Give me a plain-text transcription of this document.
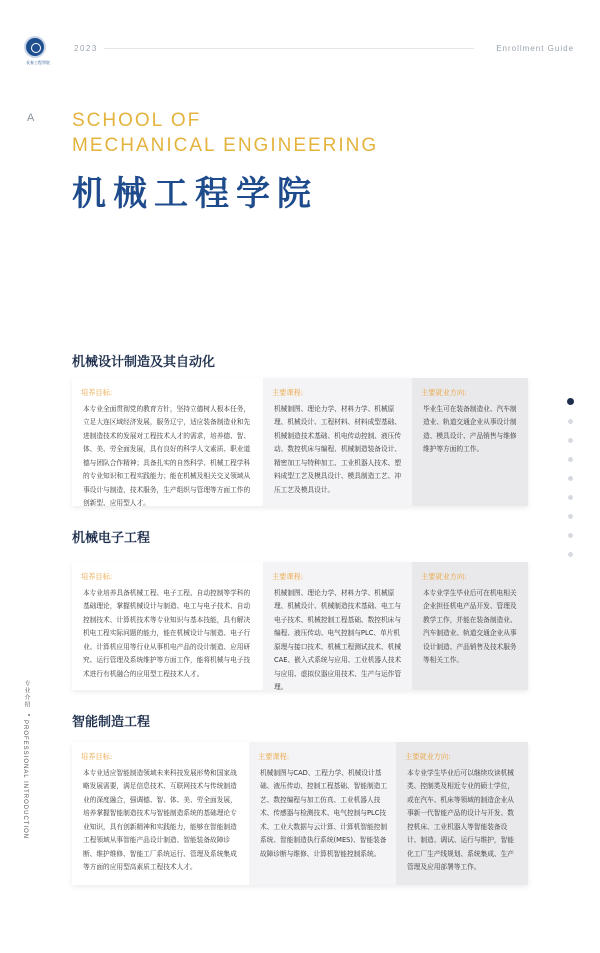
長春工程學院
2023	Enrollment Guide
A SCHOOL OF
MECHANICAL ENGINEERING
机械工程学院
专业介绍
PROFESSIONAL INTRODUCTION
机械设计制造及其自动化
培养目标:
本专业全面贯彻党的教育方针，坚持立德树人根本任务，立足大连区域经济发展，服务辽宁，适应装备制造业和先进制造技术的发展对工程技术人才的需求，培养德、智、体、美、劳全面发展，具有良好的科学人文素质、职业道德与团队合作精神；具备扎实的自然科学、机械工程学科的专业知识和工程实践能力；能在机械及相关交叉领域从事设计与制造，技术服务，生产组织与管理等方面工作的创新型、应用型人才。
主要课程:
机械制图、理论力学、材料力学、机械原理、机械设计、工程材料、材料成型基础、机械制造技术基础、机电传动控制、液压传动、数控机床与编程、机械制造装备设计、精密加工与特种加工、工业机器人技术、塑料成型工艺及模具设计、模具制造工艺、冲压工艺及模具设计。
主要就业方向:
毕业生可在装备制造业、汽车制造业、轨道交通企业从事设计制造、模具设计、产品销售与维修维护等方面的工作。
机械电子工程
培养目标:
本专业培养具备机械工程、电子工程、自动控制等学科的基础理论，掌握机械设计与制造、电工与电子技术、自动控制技术、计算机技术等专业知识与基本技能，具有解决机电工程实际问题的能力，能在机械设计与制造、电子行业、计算机应用等行业从事机电产品的设计制造、应用研究、运行管理及系统维护等方面工作，能将机械与电子技术进行有机融合的应用型工程技术人才。
主要课程:
机械制图、理论力学、材料力学、机械原理、机械设计、机械制造技术基础、电工与电子技术、机械控制工程基础、数控机床与编程、液压传动、电气控制与PLC、单片机原理与接口技术、机械工程测试技术、机械CAE、嵌入式系统与应用、工业机器人技术与应用、虚拟仪器应用技术、生产与运作管理。
主要就业方向:
本专业学生毕业后可在机电相关企业担任机电产品开发、管理及教学工作，并能在装备制造业、汽车制造业、轨道交通企业从事设计制造、产品销售及技术服务等相关工作。
智能制造工程
培养目标:
本专业适应智能制造领域未来科技发展形势和国家战略发展需要，满足信息技术、互联网技术与传统制造业的深度融合，强调德、智、体、美、劳全面发展，培养掌握智能制造技术与智能制造系统的基础理论专业知识，具有创新精神和实践能力，能够在智能制造工程领域从事智能产品设计制造、智能装备故障诊断、维护维修、智能工厂系统运行、管理及系统集成等方面的应用型高素质工程技术人才。
主要课程:
机械制图与CAD、工程力学、机械设计基础、液压传动、控制工程基础、智能制造工艺、数控编程与加工仿真、工业机器人技术、传感器与检测技术、电气控制与PLC技术、工业大数据与云计算、计算机智能控制系统、智能制造执行系统(MES)、智能装备故障诊断与维修、计算机智能控制系统。
主要就业方向:
本专业学生毕业后可以继续攻读机械类、控制类及相近专业的硕士学位，或在汽车、机床等领域的制造企业从事新一代智能产品的设计与开发、数控机床、工业机器人等智能装备设计、制造、调试、运行与维护，智能化工厂生产线规划、系统集成、生产管理及应用部署等工作。
